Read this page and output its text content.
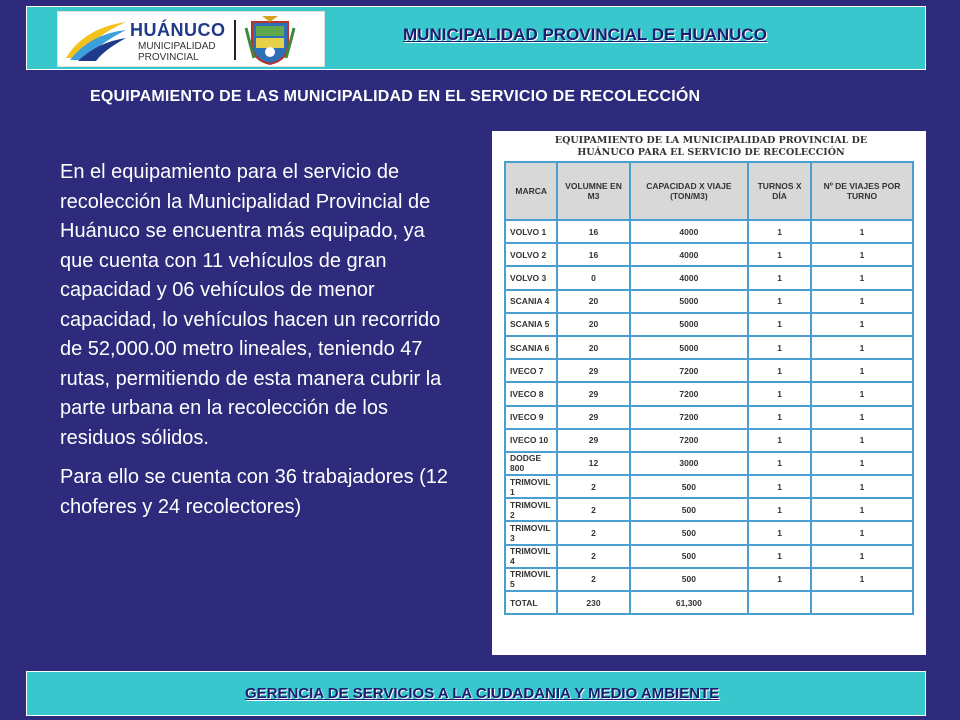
HUÁNUCO
MUNICIPALIDAD
PROVINCIAL
MUNICIPALIDAD PROVINCIAL DE HUANUCO
EQUIPAMIENTO DE LAS MUNICIPALIDAD EN EL SERVICIO DE RECOLECCIÓN

En el equipamiento para el servicio de recolección la Municipalidad Provincial de Huánuco se encuentra más equipado, ya que cuenta con 11 vehículos de gran capacidad y 06 vehículos de menor capacidad, lo vehículos hacen un recorrido de 52,000.00 metro lineales, teniendo 47 rutas, permitiendo de esta manera cubrir la parte urbana en la recolección de los residuos sólidos.

Para ello se cuenta con 36 trabajadores (12 choferes y 24 recolectores)

EQUIPAMIENTO DE LA MUNICIPALIDAD PROVINCIAL DE
HUÁNUCO PARA EL SERVICIO DE RECOLECCIÓN
MARCA	VOLUMNE EN M3	CAPACIDAD X VIAJE (TON/M3)	TURNOS X DÍA	Nº DE VIAJES POR TURNO
VOLVO 1	16	4000	1	1
VOLVO 2	16	4000	1	1
VOLVO 3	0	4000	1	1
SCANIA 4	20	5000	1	1
SCANIA 5	20	5000	1	1
SCANIA 6	20	5000	1	1
IVECO 7	29	7200	1	1
IVECO 8	29	7200	1	1
IVECO 9	29	7200	1	1
IVECO 10	29	7200	1	1
DODGE 800	12	3000	1	1
TRIMOVIL 1	2	500	1	1
TRIMOVIL 2	2	500	1	1
TRIMOVIL 3	2	500	1	1
TRIMOVIL 4	2	500	1	1
TRIMOVIL 5	2	500	1	1
TOTAL	230	61,300		
GERENCIA DE SERVICIOS A LA CIUDADANIA Y MEDIO AMBIENTE
